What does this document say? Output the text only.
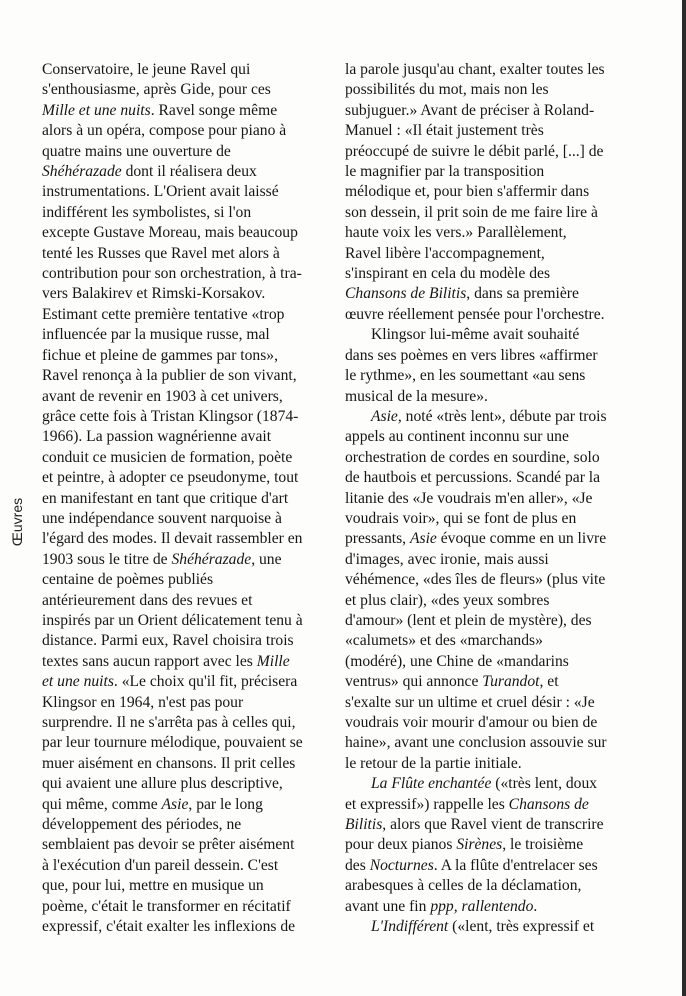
Œuvres
Conservatoire, le jeune Ravel qui
s'enthousiasme, après Gide, pour ces
Mille et une nuits. Ravel songe même
alors à un opéra, compose pour piano à
quatre mains une ouverture de
Shéhérazade dont il réalisera deux
instrumentations. L'Orient avait laissé
indifférent les symbolistes, si l'on
excepte Gustave Moreau, mais beaucoup
tenté les Russes que Ravel met alors à
contribution pour son orchestration, à tra-
vers Balakirev et Rimski-Korsakov.
Estimant cette première tentative «trop
influencée par la musique russe, mal
fichue et pleine de gammes par tons»,
Ravel renonça à la publier de son vivant,
avant de revenir en 1903 à cet univers,
grâce cette fois à Tristan Klingsor (1874-
1966). La passion wagnérienne avait
conduit ce musicien de formation, poète
et peintre, à adopter ce pseudonyme, tout
en manifestant en tant que critique d'art
une indépendance souvent narquoise à
l'égard des modes. Il devait rassembler en
1903 sous le titre de Shéhérazade, une
centaine de poèmes publiés
antérieurement dans des revues et
inspirés par un Orient délicatement tenu à
distance. Parmi eux, Ravel choisira trois
textes sans aucun rapport avec les Mille
et une nuits. «Le choix qu'il fit, précisera
Klingsor en 1964, n'est pas pour
surprendre. Il ne s'arrêta pas à celles qui,
par leur tournure mélodique, pouvaient se
muer aisément en chansons. Il prit celles
qui avaient une allure plus descriptive,
qui même, comme Asie, par le long
développement des périodes, ne
semblaient pas devoir se prêter aisément
à l'exécution d'un pareil dessein. C'est
que, pour lui, mettre en musique un
poème, c'était le transformer en récitatif
expressif, c'était exalter les inflexions de
la parole jusqu'au chant, exalter toutes les
possibilités du mot, mais non les
subjuguer.» Avant de préciser à Roland-
Manuel : «Il était justement très
préoccupé de suivre le débit parlé, [...] de
le magnifier par la transposition
mélodique et, pour bien s'affermir dans
son dessein, il prit soin de me faire lire à
haute voix les vers.» Parallèlement,
Ravel libère l'accompagnement,
s'inspirant en cela du modèle des
Chansons de Bilitis, dans sa première
œuvre réellement pensée pour l'orchestre.
Klingsor lui-même avait souhaité
dans ses poèmes en vers libres «affirmer
le rythme», en les soumettant «au sens
musical de la mesure».
Asie, noté «très lent», débute par trois
appels au continent inconnu sur une
orchestration de cordes en sourdine, solo
de hautbois et percussions. Scandé par la
litanie des «Je voudrais m'en aller», «Je
voudrais voir», qui se font de plus en
pressants, Asie évoque comme en un livre
d'images, avec ironie, mais aussi
véhémence, «des îles de fleurs» (plus vite
et plus clair), «des yeux sombres
d'amour» (lent et plein de mystère), des
«calumets» et des «marchands»
(modéré), une Chine de «mandarins
ventrus» qui annonce Turandot, et
s'exalte sur un ultime et cruel désir : «Je
voudrais voir mourir d'amour ou bien de
haine», avant une conclusion assouvie sur
le retour de la partie initiale.
La Flûte enchantée («très lent, doux
et expressif») rappelle les Chansons de
Bilitis, alors que Ravel vient de transcrire
pour deux pianos Sirènes, le troisième
des Nocturnes. A la flûte d'entrelacer ses
arabesques à celles de la déclamation,
avant une fin ppp, rallentendo.
L'Indifférent («lent, très expressif et
